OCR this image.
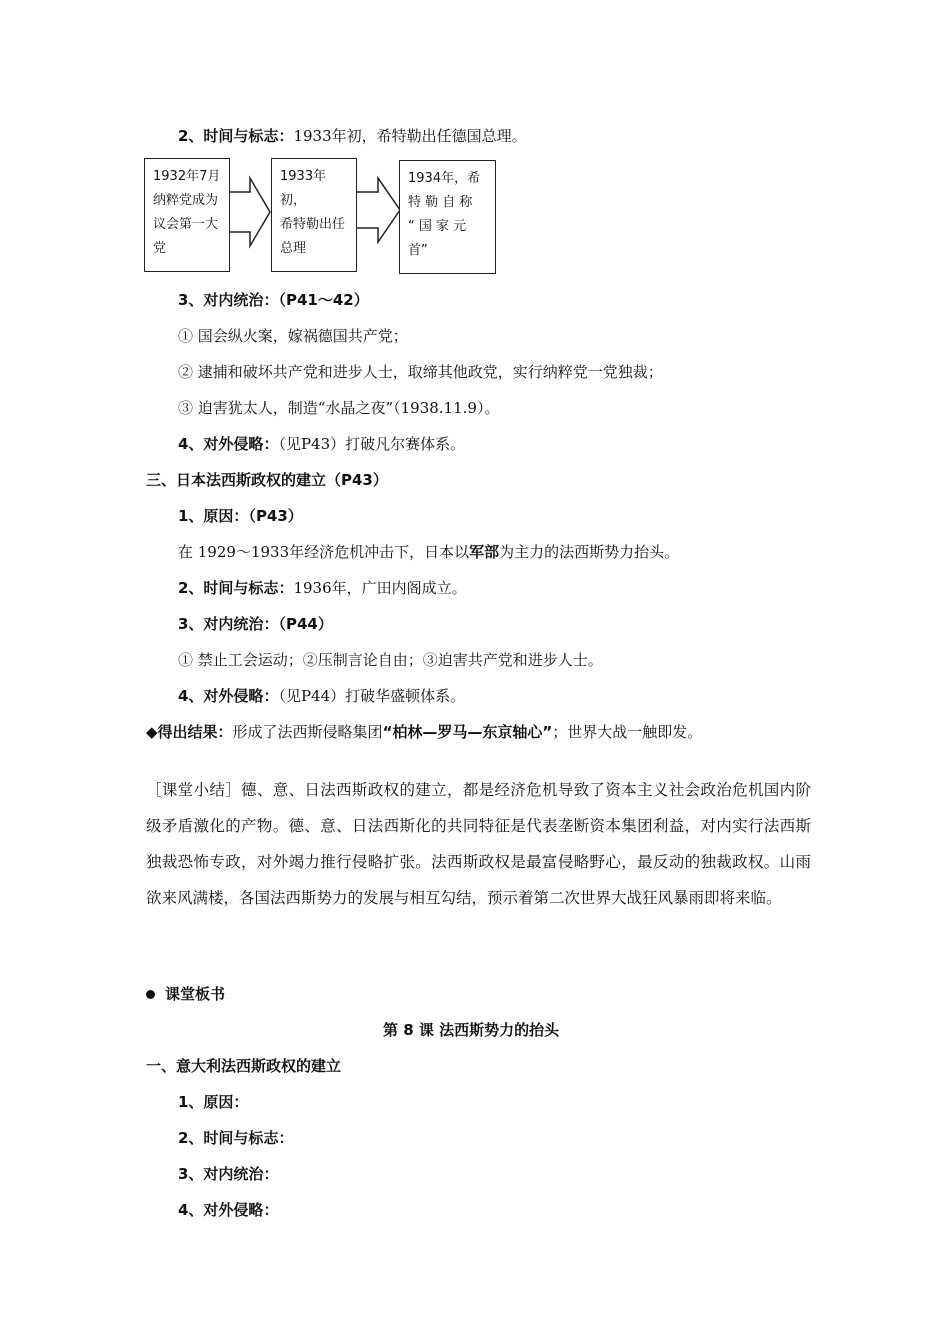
2、时间与标志：1933年初，希特勒出任德国总理。
1932年7月
纳粹党成为
议会第一大
党
1933年初，
希特勒出任
总理
1934年，希
特 勒 自 称
“ 国 家 元
首”
3、对内统治：（P41～42）
① 国会纵火案，嫁祸德国共产党；
② 逮捕和破坏共产党和进步人士，取缔其他政党，实行纳粹党一党独裁；
③ 迫害犹太人，制造“水晶之夜”（1938.11.9）。
4、对外侵略：（见P43）打破凡尔赛体系。
三、日本法西斯政权的建立（P43）
1、原因：（P43）
在 1929～1933年经济危机冲击下，日本以军部为主力的法西斯势力抬头。
2、时间与标志：1936年，广田内阁成立。
3、对内统治：（P44）
① 禁止工会运动；②压制言论自由；③迫害共产党和进步人士。
4、对外侵略：（见P44）打破华盛顿体系。
◆得出结果：形成了法西斯侵略集团“柏林—罗马—东京轴心”；世界大战一触即发。
［课堂小结］德、意、日法西斯政权的建立，都是经济危机导致了资本主义社会政治危机国内阶级矛盾激化的产物。德、意、日法西斯化的共同特征是代表垄断资本集团利益，对内实行法西斯独裁恐怖专政，对外竭力推行侵略扩张。法西斯政权是最富侵略野心，最反动的独裁政权。山雨欲来风满楼，各国法西斯势力的发展与相互勾结，预示着第二次世界大战狂风暴雨即将来临。
课堂板书
第 8 课 法西斯势力的抬头
一、意大利法西斯政权的建立
1、原因：
2、时间与标志：
3、对内统治：
4、对外侵略：
